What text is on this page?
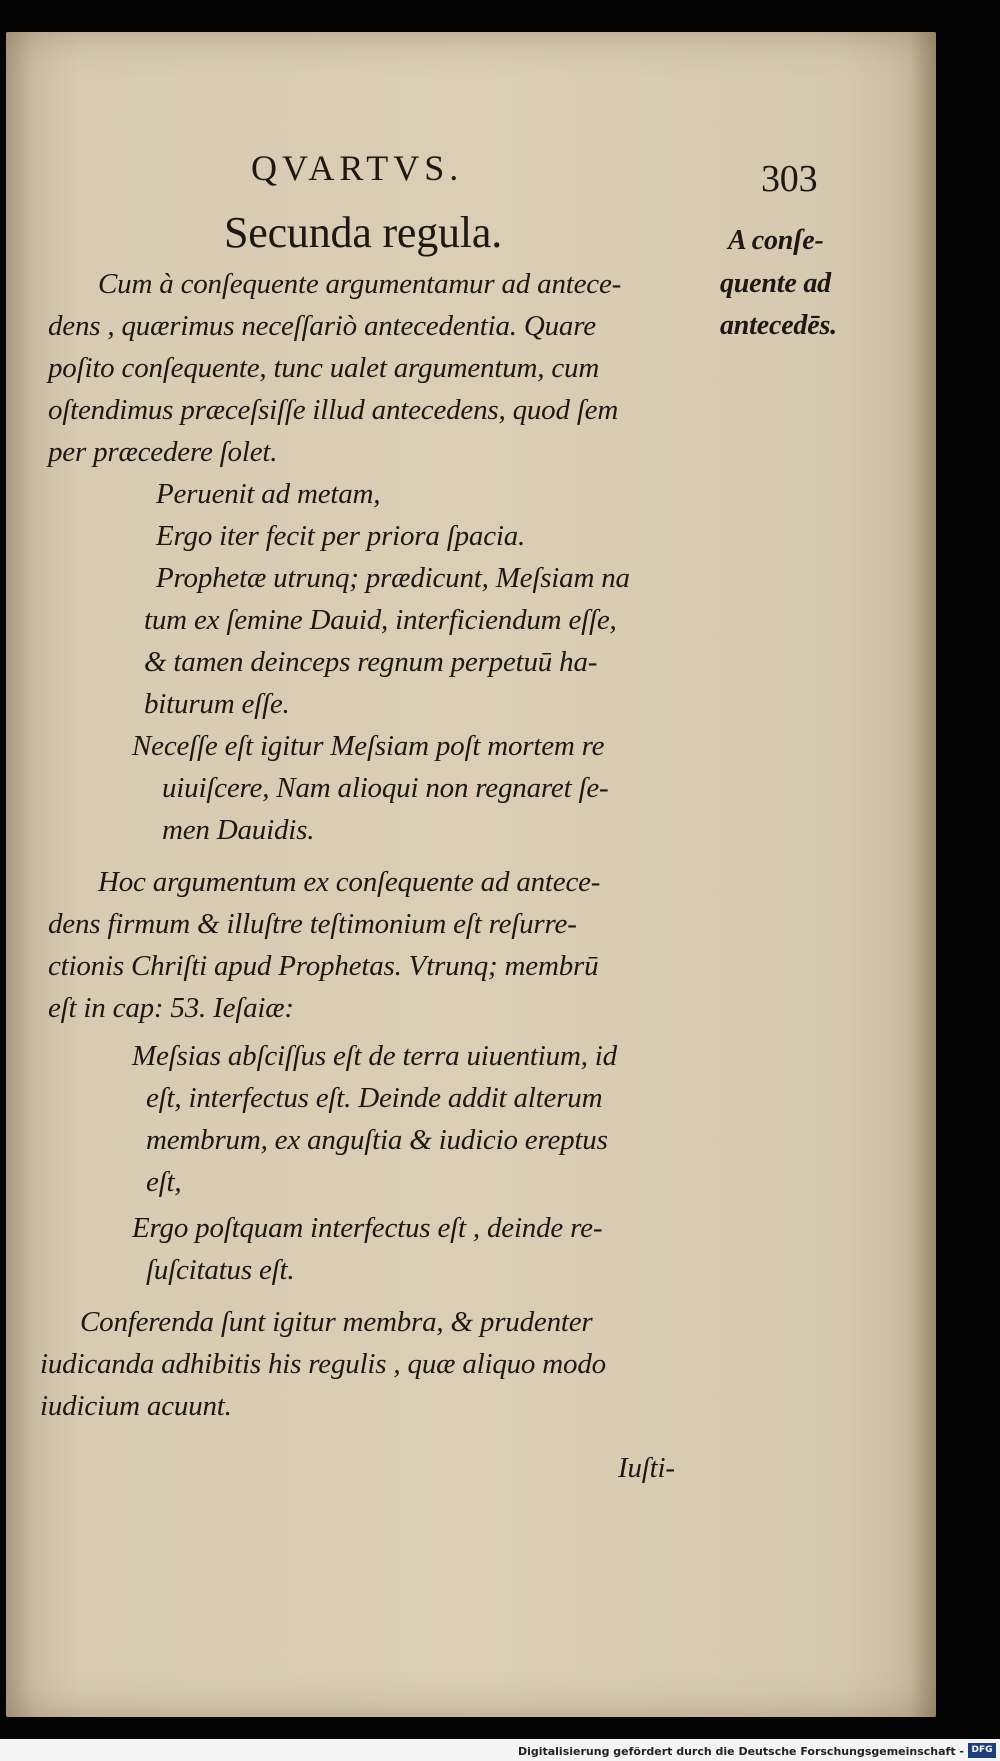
QVARTVS.	303
Secunda regula.	A conſe-
quente ad
antecedēs.
Cum à conſequente argumentamur ad antece-
dens , quærimus neceſſariò antecedentia. Quare
poſito conſequente, tunc ualet argumentum, cum
oſtendimus præceſsiſſe illud antecedens, quod ſem
per præcedere ſolet.
Peruenit ad metam,
Ergo iter fecit per priora ſpacia.
Prophetæ utrunq; prædicunt, Meſsiam na
tum ex ſemine Dauid, interficiendum eſſe,
& tamen deinceps regnum perpetuū ha-
biturum eſſe.
Neceſſe eſt igitur Meſsiam poſt mortem re
uiuiſcere, Nam alioqui non regnaret ſe-
men Dauidis.
Hoc argumentum ex conſequente ad antece-
dens firmum & illuſtre teſtimonium eſt reſurre-
ctionis Chriſti apud Prophetas. Vtrunq; membrū
eſt in cap: 53. Ieſaiæ:
Meſsias abſciſſus eſt de terra uiuentium, id
eſt, interfectus eſt. Deinde addit alterum
membrum, ex anguſtia & iudicio ereptus
eſt,
Ergo poſtquam interfectus eſt , deinde re-
ſuſcitatus eſt.
Conferenda ſunt igitur membra, & prudenter
iudicanda adhibitis his regulis , quæ aliquo modo
iudicium acuunt.
Iuſti-
Digitalisierung gefördert durch die Deutsche Forschungsgemeinschaft - DFG
